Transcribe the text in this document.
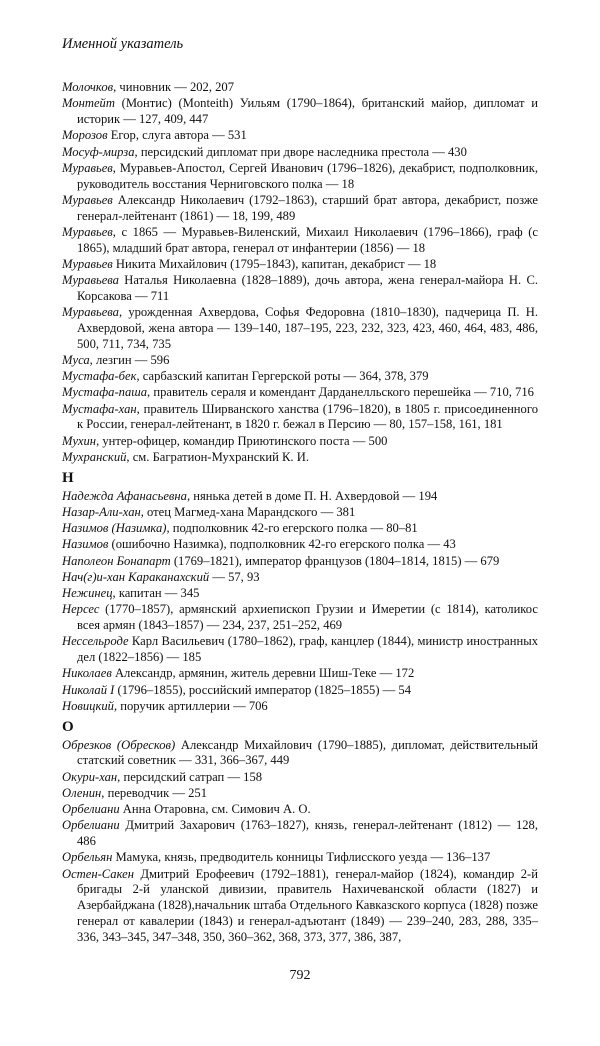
Именной указатель
Молочков, чиновник — 202, 207
Монтейт (Монтис) (Monteith) Уильям (1790–1864), британский майор, дипломат и историк — 127, 409, 447
Морозов Егор, слуга автора — 531
Мосуф-мирза, персидский дипломат при дворе наследника престола — 430
Муравьев, Муравьев-Апостол, Сергей Иванович (1796–1826), декабрист, подполковник, руководитель восстания Черниговского полка — 18
Муравьев Александр Николаевич (1792–1863), старший брат автора, декабрист, позже генерал-лейтенант (1861) — 18, 199, 489
Муравьев, с 1865 — Муравьев-Виленский, Михаил Николаевич (1796–1866), граф (с 1865), младший брат автора, генерал от инфантерии (1856) — 18
Муравьев Никита Михайлович (1795–1843), капитан, декабрист — 18
Муравьева Наталья Николаевна (1828–1889), дочь автора, жена генерал-майора Н. С. Корсакова — 711
Муравьева, урожденная Ахвердова, Софья Федоровна (1810–1830), падчерица П. Н. Ахвердовой, жена автора — 139–140, 187–195, 223, 232, 323, 423, 460, 464, 483, 486, 500, 711, 734, 735
Муса, лезгин — 596
Мустафа-бек, сарбазский капитан Гергерской роты — 364, 378, 379
Мустафа-паша, правитель сераля и комендант Дарданелльского перешейка — 710, 716
Мустафа-хан, правитель Ширванского ханства (1796–1820), в 1805 г. присоединенного к России, генерал-лейтенант, в 1820 г. бежал в Персию — 80, 157–158, 161, 181
Мухин, унтер-офицер, командир Приютинского поста — 500
Мухранский, см. Багратион-Мухранский К. И.
Н
Надежда Афанасьевна, нянька детей в доме П. Н. Ахвердовой — 194
Назар-Али-хан, отец Магмед-хана Марандского — 381
Назимов (Назимка), подполковник 42-го егерского полка — 80–81
Назимов (ошибочно Назимка), подполковник 42-го егерского полка — 43
Наполеон Бонапарт (1769–1821), император французов (1804–1814, 1815) — 679
Нач(г)и-хан Караканахский — 57, 93
Нежинец, капитан — 345
Нерсес (1770–1857), армянский архиепископ Грузии и Имеретии (с 1814), католикос всея армян (1843–1857) — 234, 237, 251–252, 469
Нессельроде Карл Васильевич (1780–1862), граф, канцлер (1844), министр иностранных дел (1822–1856) — 185
Николаев Александр, армянин, житель деревни Шиш-Теке — 172
Николай I (1796–1855), российский император (1825–1855) — 54
Новицкий, поручик артиллерии — 706
О
Обрезков (Обресков) Александр Михайлович (1790–1885), дипломат, действительный статский советник — 331, 366–367, 449
Окури-хан, персидский сатрап — 158
Оленин, переводчик — 251
Орбелиани Анна Отаровна, см. Симович А. О.
Орбелиани Дмитрий Захарович (1763–1827), князь, генерал-лейтенант (1812) — 128, 486
Орбельян Мамука, князь, предводитель конницы Тифлисского уезда — 136–137
Остен-Сакен Дмитрий Ерофеевич (1792–1881), генерал-майор (1824), командир 2-й бригады 2-й уланской дивизии, правитель Нахичеванской области (1827) и Азербайджана (1828),начальник штаба Отдельного Кавказского корпуса (1828) позже генерал от кавалерии (1843) и генерал-адъютант (1849) — 239–240, 283, 288, 335–336, 343–345, 347–348, 350, 360–362, 368, 373, 377, 386, 387,
792
